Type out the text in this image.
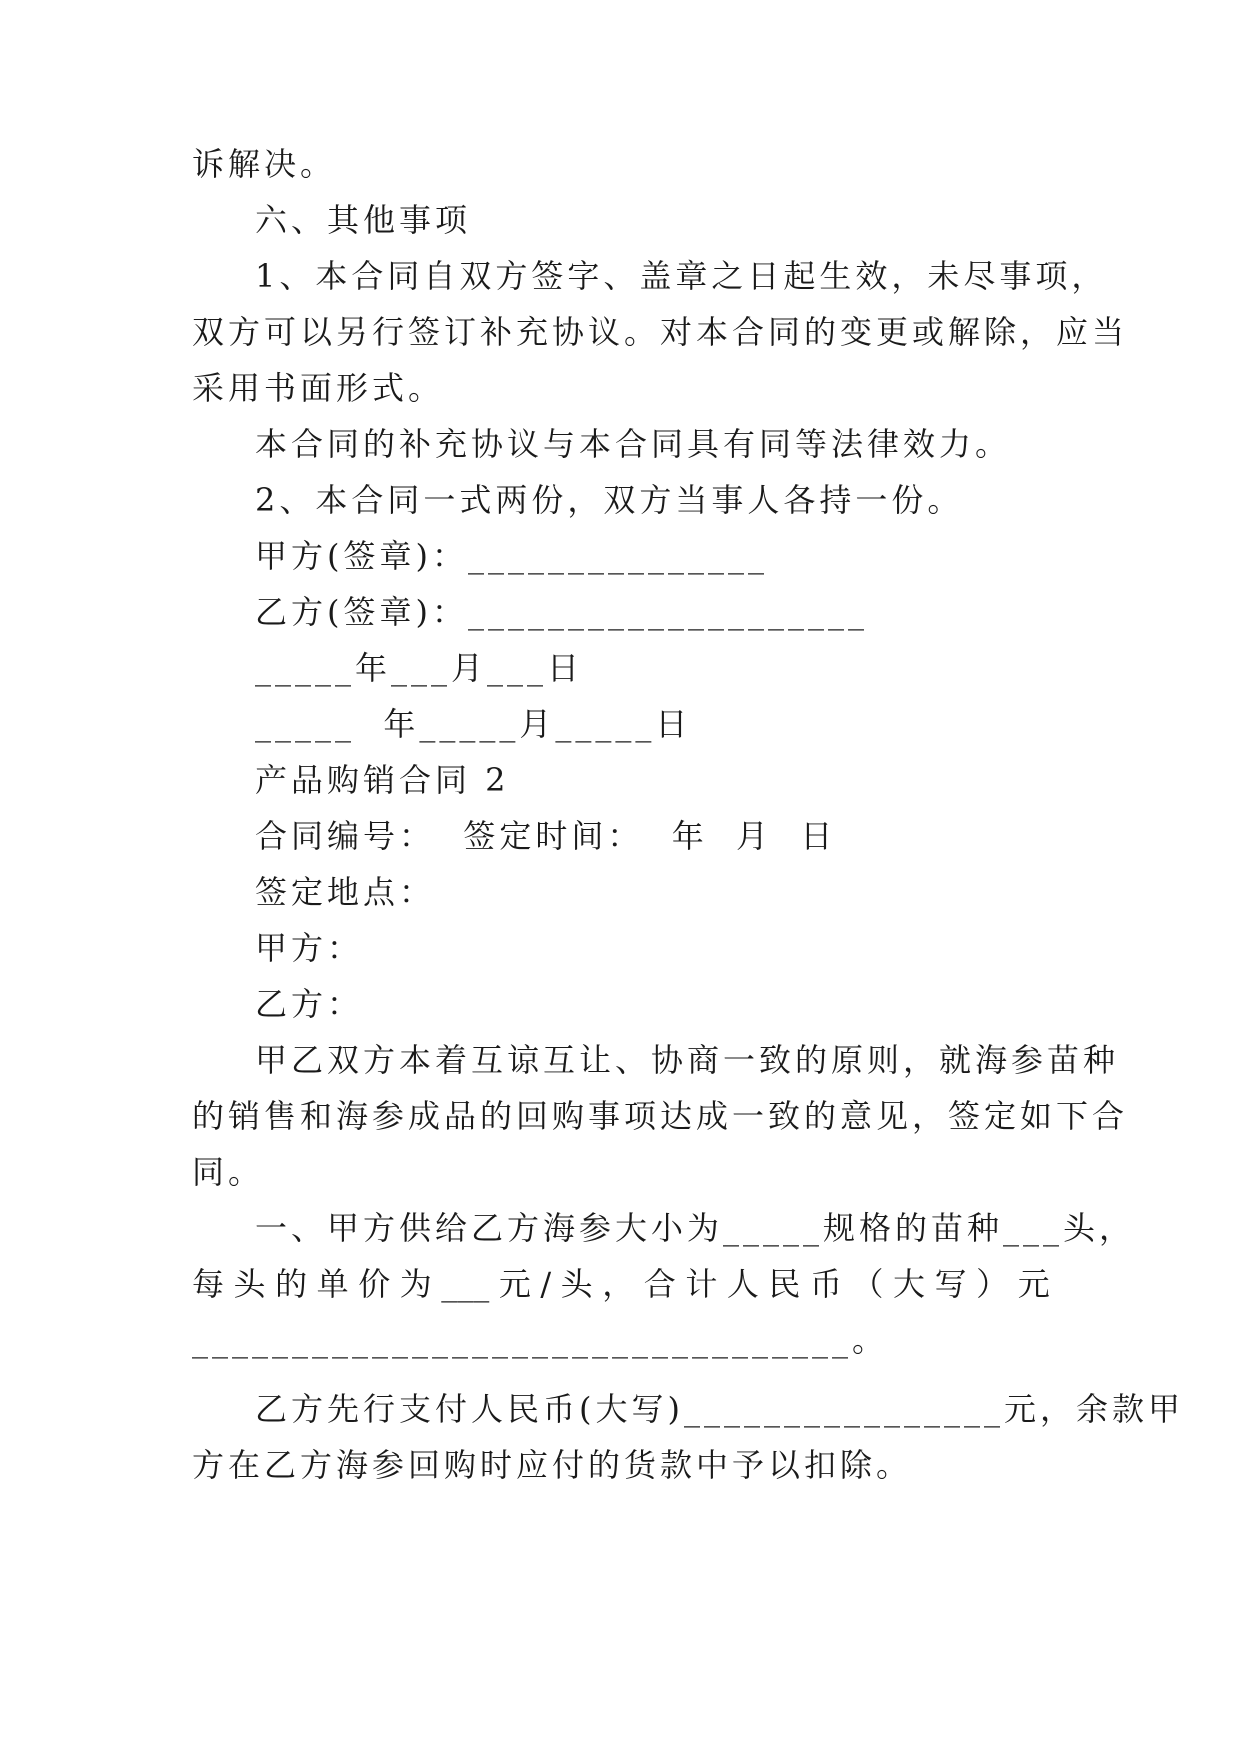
诉解决。
六、其他事项
1、本合同自双方签字、盖章之日起生效，未尽事项，
双方可以另行签订补充协议。对本合同的变更或解除，应当
采用书面形式。
本合同的补充协议与本合同具有同等法律效力。
2、本合同一式两份，双方当事人各持一份。
甲方(签章)：_______________
乙方(签章)：____________________
_____年___月___日
_____  年_____月_____日
产品购销合同 2
合同编号：  签定时间：  年  月  日
签定地点：
甲方：
乙方：
甲乙双方本着互谅互让、协商一致的原则，就海参苗种
的销售和海参成品的回购事项达成一致的意见，签定如下合
同。
一、甲方供给乙方海参大小为_____规格的苗种___头，
每 头 的 单 价 为 ___ 元 / 头 ， 合 计 人 民 币 （ 大 写 ） 元
_________________________________。
乙方先行支付人民币(大写)________________元，余款甲
方在乙方海参回购时应付的货款中予以扣除。
